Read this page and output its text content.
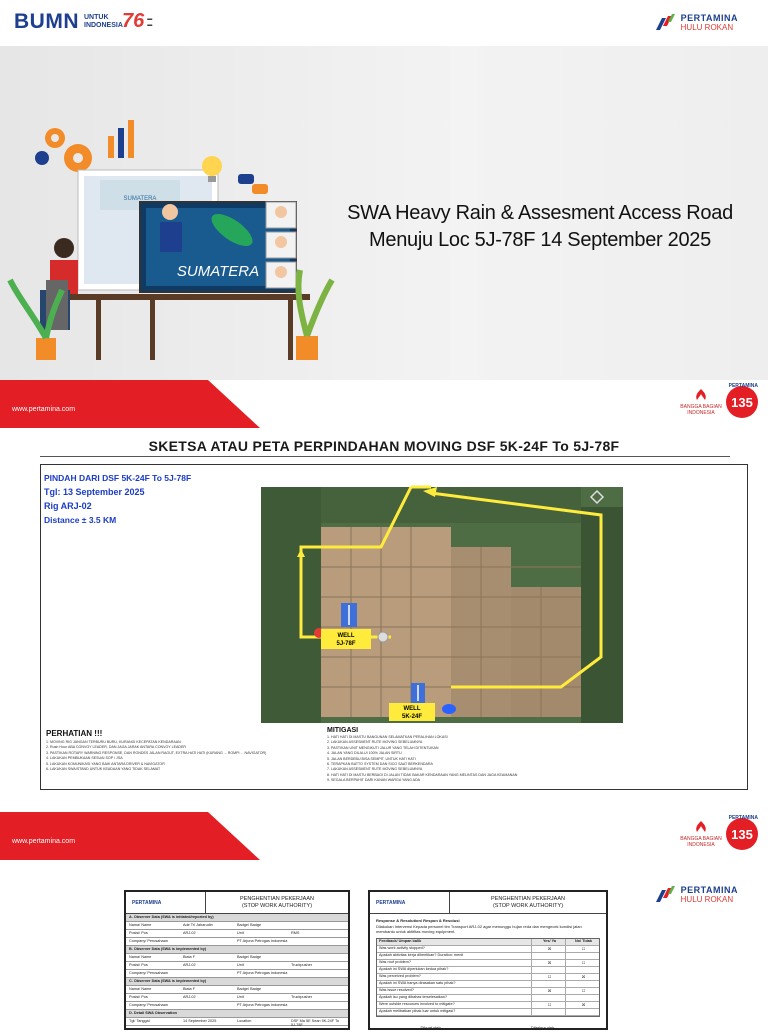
BUMN UNTUK
INDONESIA 76 ▬
▬
PERTAMINA
HULU ROKAN
SUMATERA
SUMATERA
SWA Heavy Rain & Assesment Access Road
Menuju Loc 5J-78F 14 September 2025
www.pertamina.com	BANGGA BAGIAN
INDONESIA
PERTAMINA
135
SKETSA ATAU PETA PERPINDAHAN MOVING DSF 5K-24F To 5J-78F
PINDAH DARI DSF 5K-24F To 5J-78F
Tgl: 13 September 2025
Rig ARJ-02
Distance ± 3.5 KM
WELL
5J-78F
WELL
5K-24F
PERHATIAN !!!
1. MOVING RIG JANGAN TERBURU BURU, KURANGI KECEPATAN KENDARAAN
2. Rush Hour ABA CONVOY LEADER, DAN JAGA JARAK ANTARA CONVOY LEADER
3. PASTIKAN ROTARY WARNING RESPONSE, DAN RONDES JALAN RAGUT, EXTRA HATI HATI (KURANG ... ROMPI ... NAVIGATOR)
4. LAKUKAN PEMBUKAAN SESUAI SOP / JSA
5. LAKUKAN KOMUNIKASI YANG BAIK ANTARA DRIVER & NAVIGATOR
6. LAKUKAN SWA/STAND UNTUK KEADAAN YANG TIDAK SELAMAT
MITIGASI
1. HATI HATI DI MASTU BANGUNAN SELAMATKAN PERALIHAN LOKASI
2. LAKUKAN ASSESMENT RUTE MOVING SEBELUMNYA
3. PASTIKAN UNIT MENGIKUTI JALUR YANG TELAH DITENTUKAN
4. JALAN YANG DILALUI 100% JALAN SIRTU
5. JALAN BERDEBU BISA SEMPIT, UNTUK HATI HATI
6. TERAPKAN BATTO SYSTEM DAN SICO SAAT BERKENDARA
7. LAKUKAN ASSESMENT RUTE MOVING SEBELUMNYA
8. HATI HATI DI MASTU BERBAGI DI JALAN TIDAK BAKAR KENDARAAN YANG MELINTAS DAN JAGA KEAMANAN
9. SEGALA BERPAHIT DARI KANAN WARGA YANG ADA
www.pertamina.com	BANGGA BAGIAN
INDONESIA
PERTAMINA
135
PERTAMINA
HULU ROKAN
PERTAMINA
PENGHENTIAN PEKERJAAN
(STOP WORK AUTHORITY)
A. Observer Data (SWA is initiated/reported by)
Nama/ Name	Ade Tri Jaharudin	Badge/ Badge
Posisi/ Pos	ARJ-02	Unit	RMS
Company/ Perusahaan	PT Arjuna Petrogas Indonesia
B. Observer Data (SWA is implemented by)
Nama/ Name	Biata F	Badge/ Badge
Posisi/ Pos	ARJ-02	Unit	Truckpusher
Company/ Perusahaan	PT Arjuna Petrogas Indonesia
C. Observer Data (SWA is implemented by)
Nama/ Name	Biata F	Badge/ Badge
Posisi/ Pos	ARJ-02	Unit	Truckpusher
Company/ Perusahaan	PT Arjuna Petrogas Indonesia
D. Detail SWA Observation
Tgl/ Tanggal	14 September 2025	Location	DSF Ma 5E Sean 5K-24F To 5J-78F
PERTAMINA
PENGHENTIAN PEKERJAAN
(STOP WORK AUTHORITY)
Response & Resolution/ Respon & Resolusi
Dilakukan Intervensi Kepada personel tim Transport ARJ-02 agar menunggu hujan reda dan mengecek kondisi jalan membantu untuk aktifitas moving equipment.
Feedback/ Umpan balik	Yes/ Ya	No/ Tidak
Was work activity stopped?	☒	☐
Apakah aktivitas kerja dihentikan? Duration: menit
Was roof problem?	☒	☐
Apakah ini SWA diperlukan kedua pihak?
Was perceived problem?	☐	☒
Apakah ini SWA hanya dirasakan satu pihak?
Was issue resolved?	☒	☐
Apakah isu yang dibahas terselesaikan?
Were outside resources involved to mitigate?	☐	☒
Apakah melibatkan pihak luar untuk mitigasi?
Dibuat oleh,	Diterima oleh,
